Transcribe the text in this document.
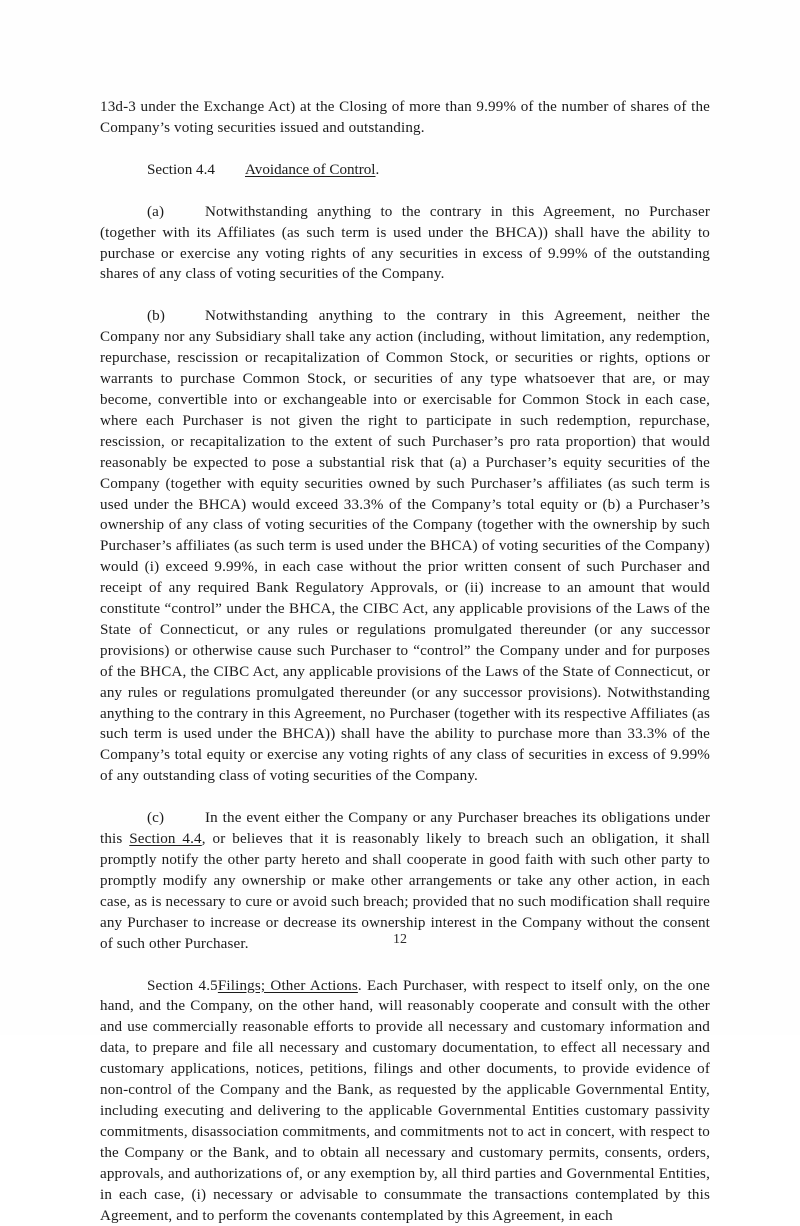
13d-3 under the Exchange Act) at the Closing of more than 9.99% of the number of shares of the Company’s voting securities issued and outstanding.

Section 4.4 Avoidance of Control.

(a)	Notwithstanding anything to the contrary in this Agreement, no Purchaser (together with its Affiliates (as such term is used under the BHCA)) shall have the ability to purchase or exercise any voting rights of any securities in excess of 9.99% of the outstanding shares of any class of voting securities of the Company.

(b)	Notwithstanding anything to the contrary in this Agreement, neither the Company nor any Subsidiary shall take any action (including, without limitation, any redemption, repurchase, rescission or recapitalization of Common Stock, or securities or rights, options or warrants to purchase Common Stock, or securities of any type whatsoever that are, or may become, convertible into or exchangeable into or exercisable for Common Stock in each case, where each Purchaser is not given the right to participate in such redemption, repurchase, rescission, or recapitalization to the extent of such Purchaser’s pro rata proportion) that would reasonably be expected to pose a substantial risk that (a) a Purchaser’s equity securities of the Company (together with equity securities owned by such Purchaser’s affiliates (as such term is used under the BHCA) would exceed 33.3% of the Company’s total equity or (b) a Purchaser’s ownership of any class of voting securities of the Company (together with the ownership by such Purchaser’s affiliates (as such term is used under the BHCA) of voting securities of the Company) would (i) exceed 9.99%, in each case without the prior written consent of such Purchaser and receipt of any required Bank Regulatory Approvals, or (ii) increase to an amount that would constitute “control” under the BHCA, the CIBC Act, any applicable provisions of the Laws of the State of Connecticut, or any rules or regulations promulgated thereunder (or any successor provisions) or otherwise cause such Purchaser to “control” the Company under and for purposes of the BHCA, the CIBC Act, any applicable provisions of the Laws of the State of Connecticut, or any rules or regulations promulgated thereunder (or any successor provisions). Notwithstanding anything to the contrary in this Agreement, no Purchaser (together with its respective Affiliates (as such term is used under the BHCA)) shall have the ability to purchase more than 33.3% of the Company’s total equity or exercise any voting rights of any class of securities in excess of 9.99% of any outstanding class of voting securities of the Company.

(c)	In the event either the Company or any Purchaser breaches its obligations under this Section 4.4, or believes that it is reasonably likely to breach such an obligation, it shall promptly notify the other party hereto and shall cooperate in good faith with such other party to promptly modify any ownership or make other arrangements or take any other action, in each case, as is necessary to cure or avoid such breach; provided that no such modification shall require any Purchaser to increase or decrease its ownership interest in the Company without the consent of such other Purchaser.

Section 4.5Filings; Other Actions. Each Purchaser, with respect to itself only, on the one hand, and the Company, on the other hand, will reasonably cooperate and consult with the other and use commercially reasonable efforts to provide all necessary and customary information and data, to prepare and file all necessary and customary documentation, to effect all necessary and customary applications, notices, petitions, filings and other documents, to provide evidence of non-control of the Company and the Bank, as requested by the applicable Governmental Entity, including executing and delivering to the applicable Governmental Entities customary passivity commitments, disassociation commitments, and commitments not to act in concert, with respect to the Company or the Bank, and to obtain all necessary and customary permits, consents, orders, approvals, and authorizations of, or any exemption by, all third parties and Governmental Entities, in each case, (i) necessary or advisable to consummate the transactions contemplated by this Agreement, and to perform the covenants contemplated by this Agreement, in each

12
